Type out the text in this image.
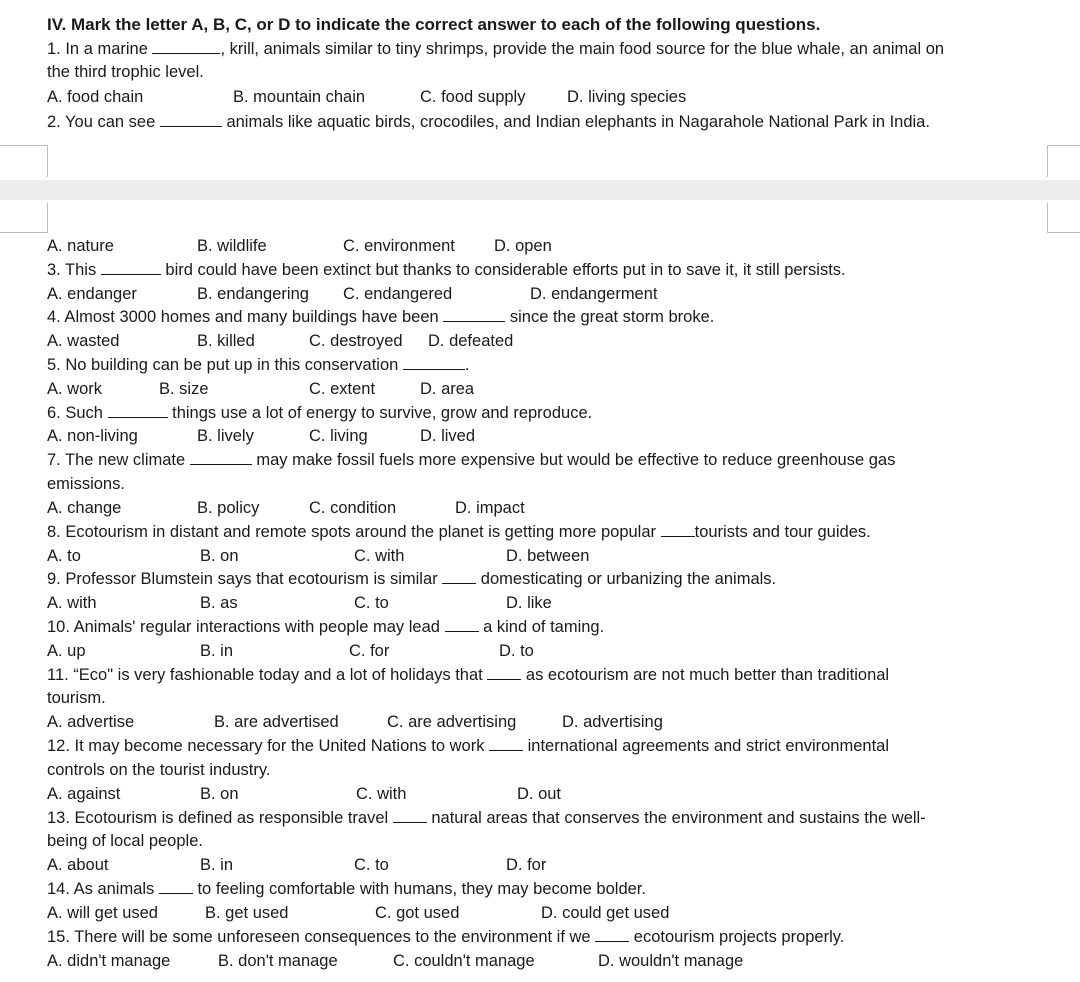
IV. Mark the letter A, B, C, or D to indicate the correct answer to each of the following questions.
1. In a marine	, krill, animals similar to tiny shrimps, provide the main food source for the blue whale, an animal on
the third trophic level.
A. food chain	B. mountain chain	C. food supply	D. living species
2. You can see	animals like aquatic birds, crocodiles, and Indian elephants in Nagarahole National Park in India.
A. nature	B. wildlife	C. environment D. open
3. This	bird could have been extinct but thanks to considerable efforts put in to save it, it still persists.
A. endanger	B. endangering C. endangered	D. endangerment
4. Almost 3000 homes and many buildings have been	since the great storm broke.
A. wasted	B. killed	C. destroyed D. defeated
5. No building can be put up in this conservation	.
A. work	B. size	C. extent	D. area
6. Such	things use a lot of energy to survive, grow and reproduce.
A. non-living	B. lively	C. living	D. lived
7. The new climate	may make fossil fuels more expensive but would be effective to reduce greenhouse gas
emissions.
A. change	B. policy	C. condition	D. impact
8. Ecotourism in distant and remote spots around the planet is getting more popular tourists and tour guides.
A. to	B. on	C. with	D. between
9. Professor Blumstein says that ecotourism is similar  domesticating or urbanizing the animals.
A. with	B. as	C. to	D. like
10. Animals' regular interactions with people may lead  a kind of taming.
A. up	B. in	C. for	D. to
11. “Eco" is very fashionable today and a lot of holidays that  as ecotourism are not much better than traditional
tourism.
A. advertise	B. are advertised	C. are advertising	D. advertising
12. It may become necessary for the United Nations to work  international agreements and strict environmental
controls on the tourist industry.
A. against	B. on	C. with	D. out
13. Ecotourism is defined as responsible travel  natural areas that conserves the environment and sustains the well-
being of local people.
A. about	B. in	C. to	D. for
14. As animals  to feeling comfortable with humans, they may become bolder.
A. will get used	B. get used	C. got used	D. could get used
15. There will be some unforeseen consequences to the environment if we  ecotourism projects properly.
A. didn't manage	B. don't manage	C. couldn't manage	D. wouldn't manage
